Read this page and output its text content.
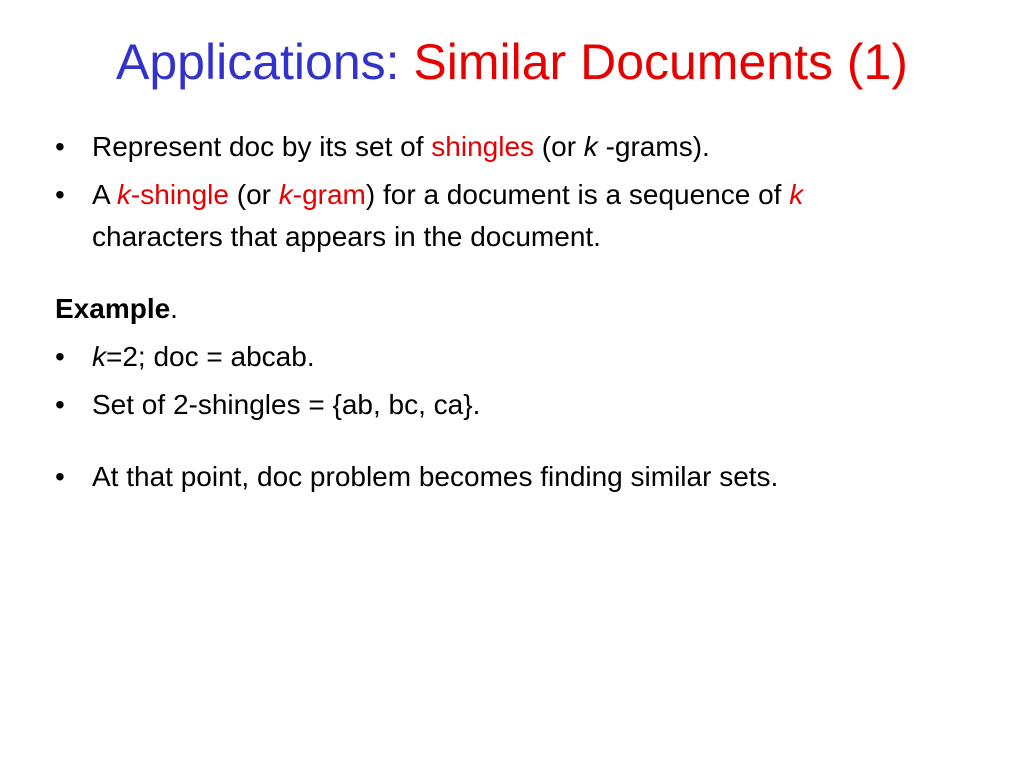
Applications: Similar Documents (1)

• Represent doc by its set of shingles (or k -grams).

• A k-shingle (or k-gram) for a document is a sequence of k
characters that appears in the document.

Example.

• k=2; doc = abcab.

• Set of 2-shingles = {ab, bc, ca}.

• At that point, doc problem becomes finding similar sets.
